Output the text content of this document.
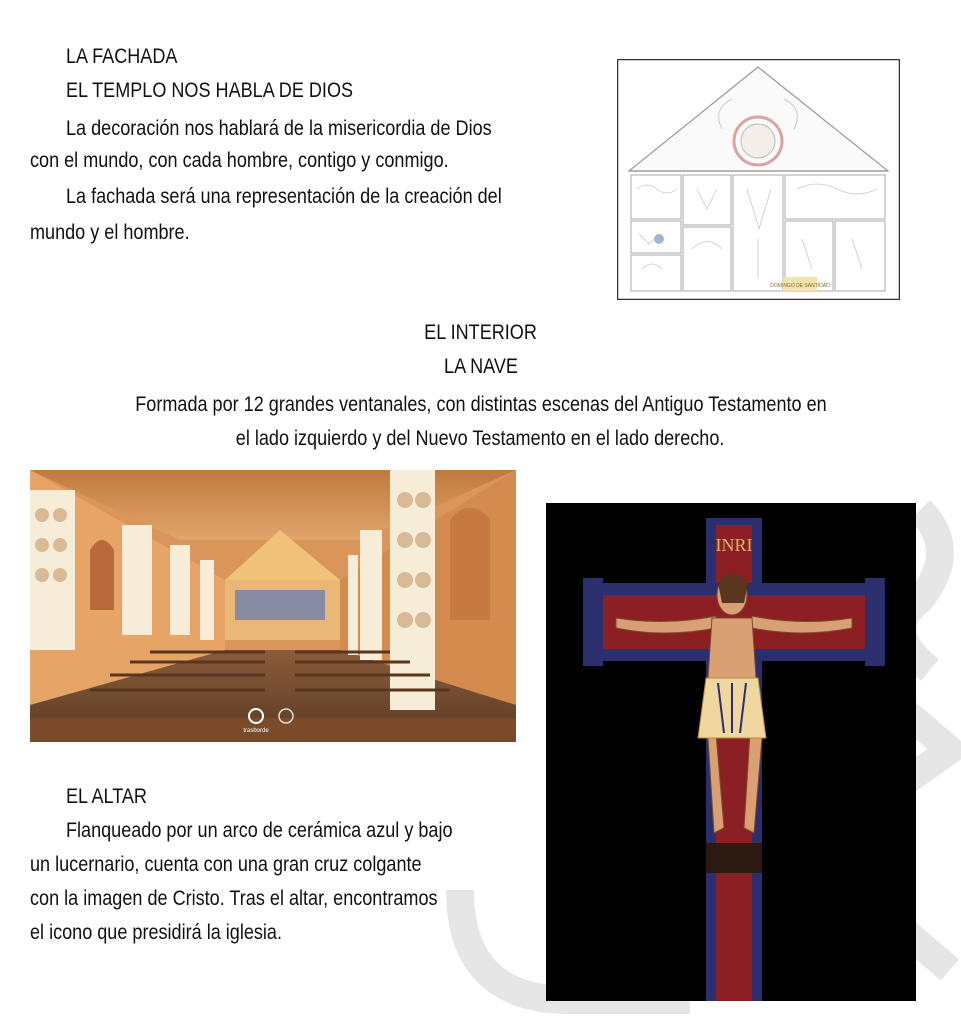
LA FACHADA
EL TEMPLO NOS HABLA DE DIOS
La decoración nos hablará de la misericordia de Dios
con el mundo, con cada hombre, contigo y conmigo.
La fachada será una representación de la creación del
mundo y el hombre.
DOMINGO DE SANTIDAD
EL INTERIOR
LA NAVE
Formada por 12 grandes ventanales, con distintas escenas del Antiguo Testamento en
el lado izquierdo y del Nuevo Testamento en el lado derecho.
trasborde
EL ALTAR
Flanqueado por un arco de cerámica azul y bajo
un lucernario, cuenta con una gran cruz colgante
con la imagen de Cristo. Tras el altar, encontramos
el icono que presidirá la iglesia.
INRI
